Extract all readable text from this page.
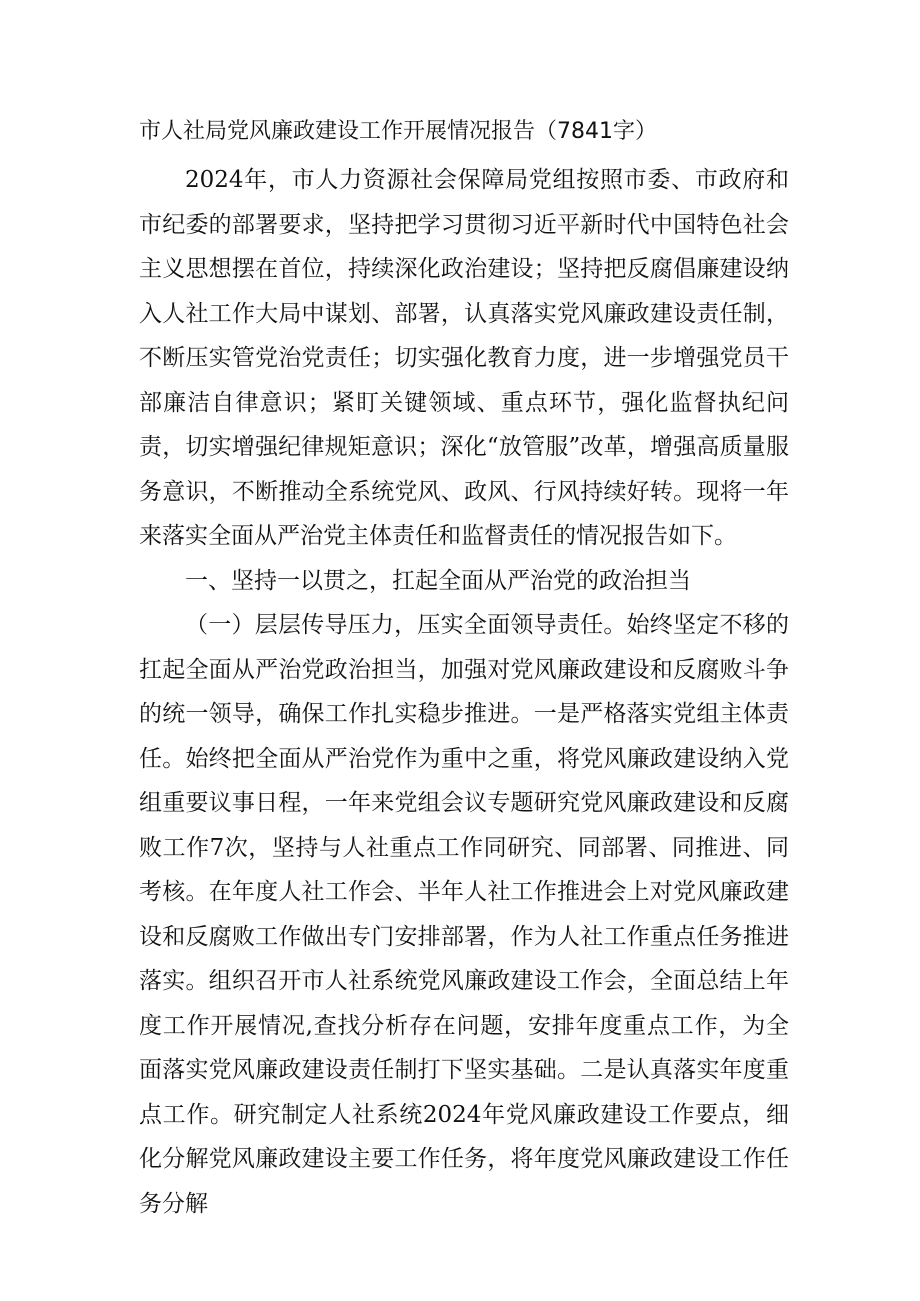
市人社局党风廉政建设工作开展情况报告（7841字）

2024年，市人力资源社会保障局党组按照市委、市政府和市纪委的部署要求，坚持把学习贯彻习近平新时代中国特色社会主义思想摆在首位，持续深化政治建设；坚持把反腐倡廉建设纳入人社工作大局中谋划、部署，认真落实党风廉政建设责任制，不断压实管党治党责任；切实强化教育力度，进一步增强党员干部廉洁自律意识；紧盯关键领域、重点环节，强化监督执纪问责，切实增强纪律规矩意识；深化“放管服”改革，增强高质量服务意识，不断推动全系统党风、政风、行风持续好转。现将一年来落实全面从严治党主体责任和监督责任的情况报告如下。

一、坚持一以贯之，扛起全面从严治党的政治担当

（一）层层传导压力，压实全面领导责任。始终坚定不移的扛起全面从严治党政治担当，加强对党风廉政建设和反腐败斗争的统一领导，确保工作扎实稳步推进。一是严格落实党组主体责任。始终把全面从严治党作为重中之重，将党风廉政建设纳入党组重要议事日程，一年来党组会议专题研究党风廉政建设和反腐败工作7次，坚持与人社重点工作同研究、同部署、同推进、同考核。在年度人社工作会、半年人社工作推进会上对党风廉政建设和反腐败工作做出专门安排部署，作为人社工作重点任务推进落实。组织召开市人社系统党风廉政建设工作会，全面总结上年度工作开展情况,查找分析存在问题，安排年度重点工作，为全面落实党风廉政建设责任制打下坚实基础。二是认真落实年度重点工作。研究制定人社系统2024年党风廉政建设工作要点，细化分解党风廉政建设主要工作任务，将年度党风廉政建设工作任务分解
